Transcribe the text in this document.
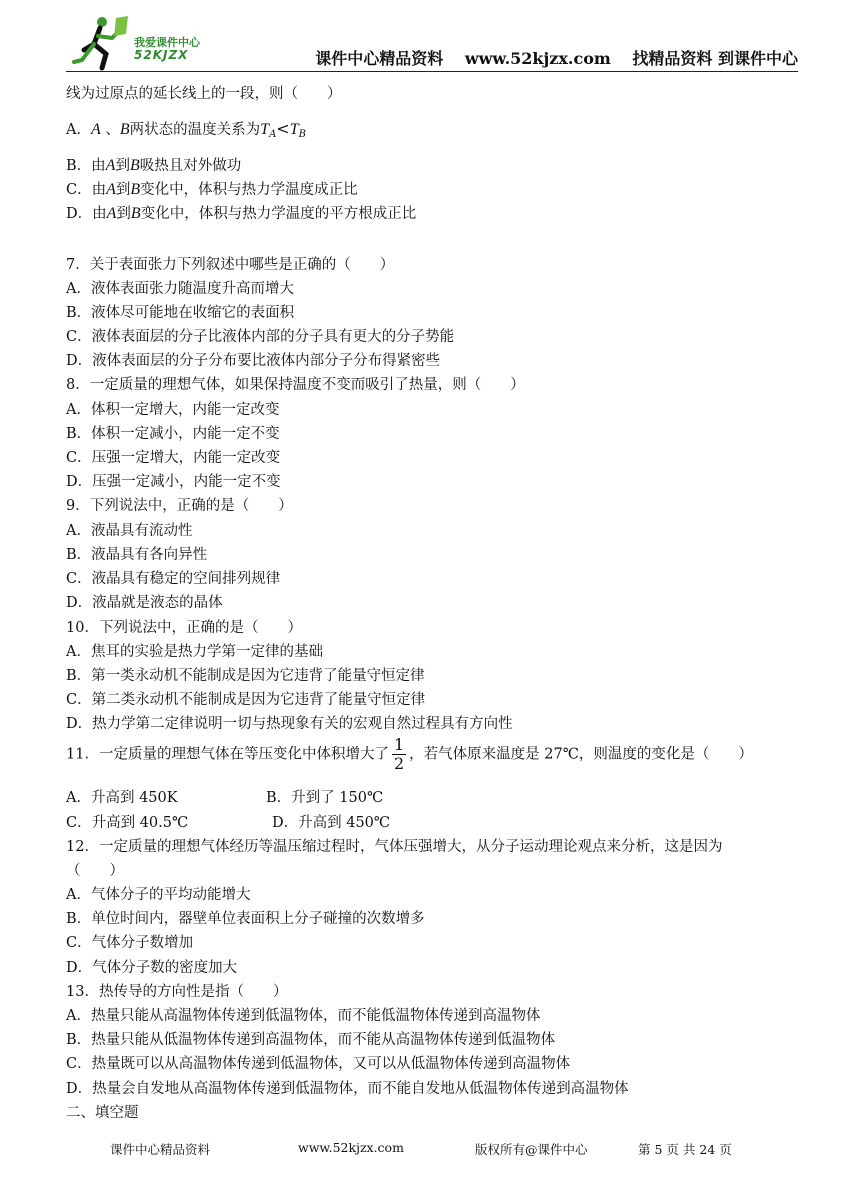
我爱课件中心
52KJZX	课件中心精品资料 www.52kjzx.com 找精品资料 到课件中心
线为过原点的延长线上的一段，则（　　）
A．A 、B两状态的温度关系为$T_A<T_B$
B．由A到B吸热且对外做功
C．由A到B变化中，体积与热力学温度成正比
D．由A到B变化中，体积与热力学温度的平方根成正比
7．关于表面张力下列叙述中哪些是正确的（　　）
A．液体表面张力随温度升高而增大
B．液体尽可能地在收缩它的表面积
C．液体表面层的分子比液体内部的分子具有更大的分子势能
D．液体表面层的分子分布要比液体内部分子分布得紧密些
8．一定质量的理想气体，如果保持温度不变而吸引了热量，则（　　）
A．体积一定增大，内能一定改变
B．体积一定减小，内能一定不变
C．压强一定增大，内能一定改变
D．压强一定减小，内能一定不变
9．下列说法中，正确的是（　　）
A．液晶具有流动性
B．液晶具有各向异性
C．液晶具有稳定的空间排列规律
D．液晶就是液态的晶体
10．下列说法中，正确的是（　　）
A．焦耳的实验是热力学第一定律的基础
B．第一类永动机不能制成是因为它违背了能量守恒定律
C．第二类永动机不能制成是因为它违背了能量守恒定律
D．热力学第二定律说明一切与热现象有关的宏观自然过程具有方向性
11．一定质量的理想气体在等压变化中体积增大了 $\frac{1}{2}$ ，若气体原来温度是 27℃，则温度的变化是（　　）
A．升高到 450K	B．升到了 150℃
C．升高到 40.5℃	D．升高到 450℃
12．一定质量的理想气体经历等温压缩过程时，气体压强增大，从分子运动理论观点来分析，这是因为
（　　）
A．气体分子的平均动能增大
B．单位时间内，器壁单位表面积上分子碰撞的次数增多
C．气体分子数增加
D．气体分子数的密度加大
13．热传导的方向性是指（　　）
A．热量只能从高温物体传递到低温物体，而不能低温物体传递到高温物体
B．热量只能从低温物体传递到高温物体，而不能从高温物体传递到低温物体
C．热量既可以从高温物体传递到低温物体，又可以从低温物体传递到高温物体
D．热量会自发地从高温物体传递到低温物体，而不能自发地从低温物体传递到高温物体
二、填空题
课件中心精品资料	www.52kjzx.com	版权所有@课件中心	第 5 页 共 24 页
